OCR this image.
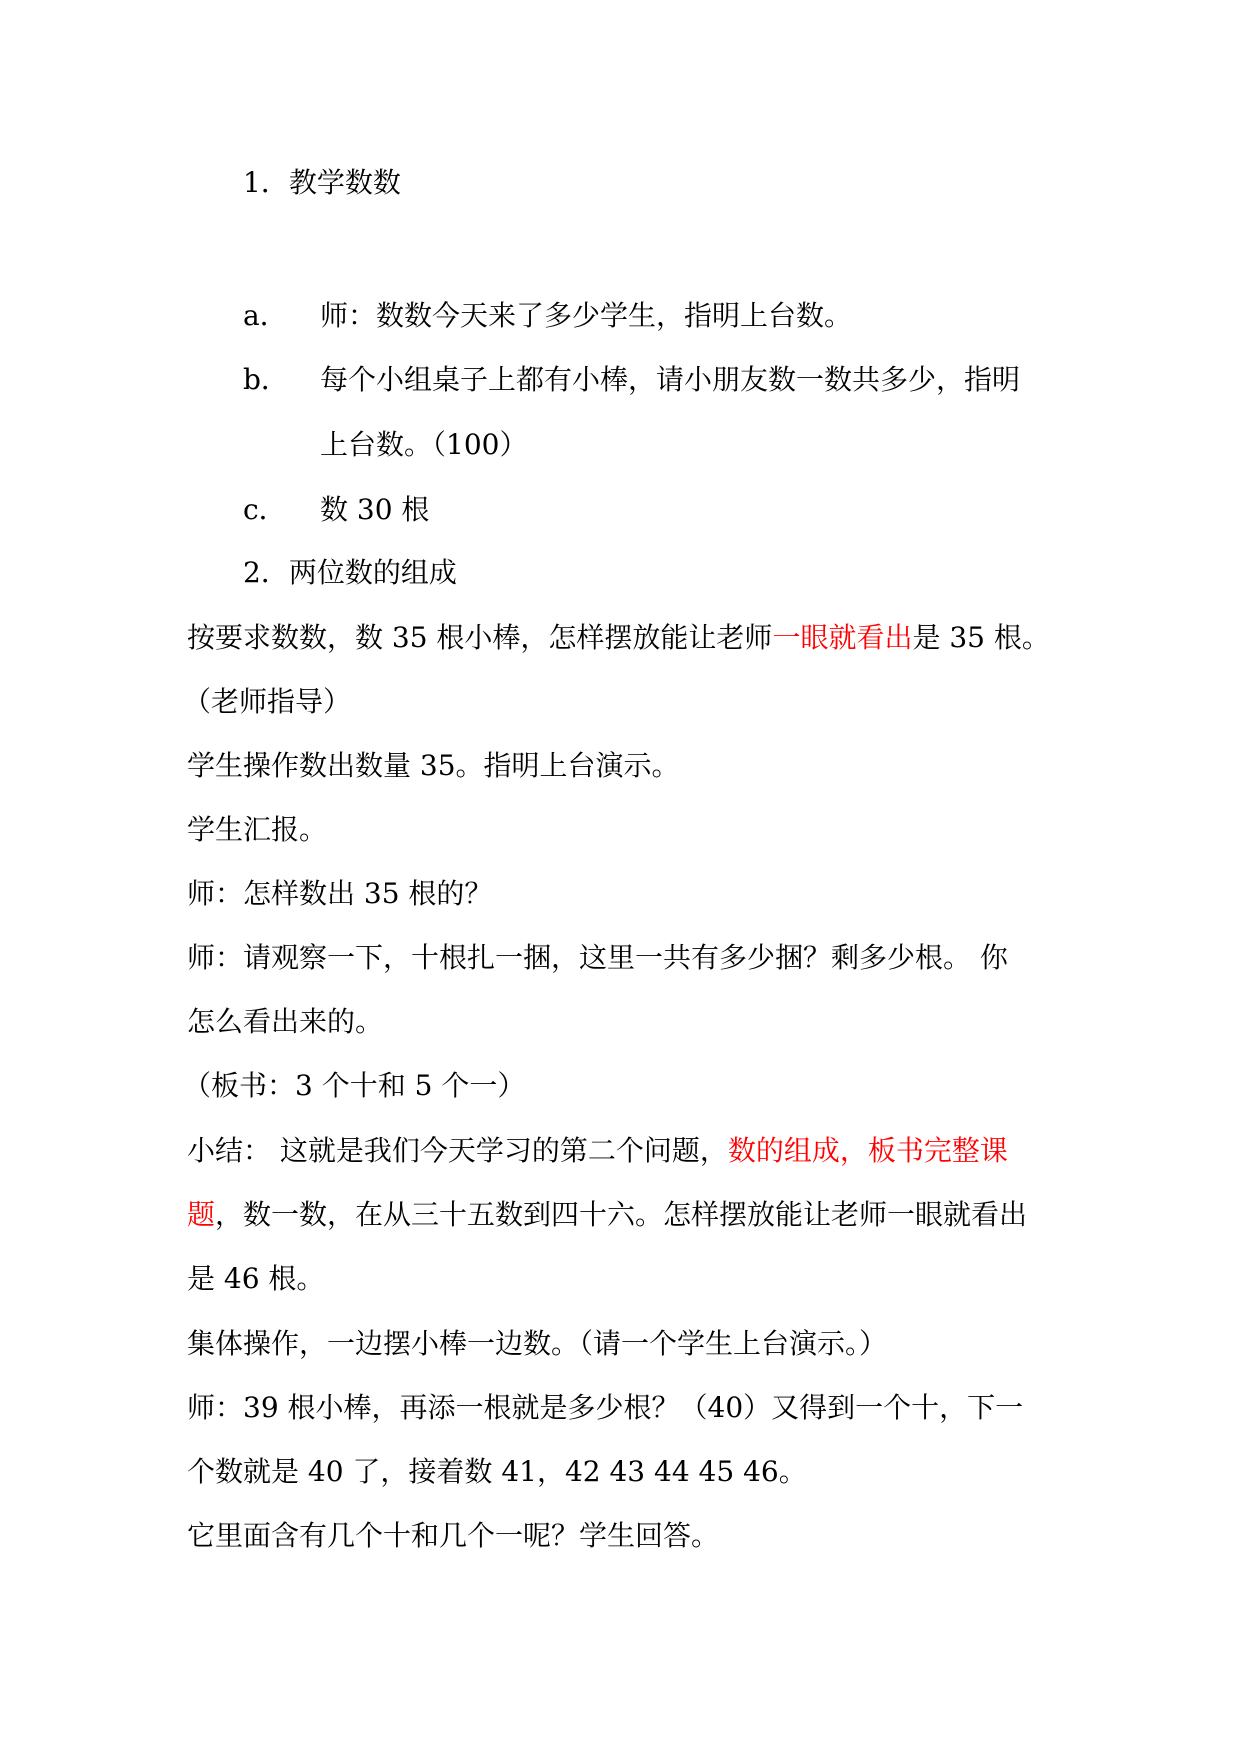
1．教学数数
a． 师：数数今天来了多少学生，指明上台数。
b． 每个小组桌子上都有小棒，请小朋友数一数共多少，指明
上台数。（100）
c． 数 30 根
2．两位数的组成
按要求数数，数 35 根小棒，怎样摆放能让老师一眼就看出是 35 根。
（老师指导）
学生操作数出数量 35。指明上台演示。
学生汇报。
师：怎样数出 35 根的？
师：请观察一下，十根扎一捆，这里一共有多少捆？剩多少根。 你
怎么看出来的。
（板书：3 个十和 5 个一）
小结： 这就是我们今天学习的第二个问题，数的组成，板书完整课
题，数一数，在从三十五数到四十六。怎样摆放能让老师一眼就看出
是 46 根。
集体操作，一边摆小棒一边数。（请一个学生上台演示。）
师：39 根小棒，再添一根就是多少根？（40）又得到一个十，下一
个数就是 40 了，接着数 41，42 43 44 45 46。
它里面含有几个十和几个一呢？学生回答。
